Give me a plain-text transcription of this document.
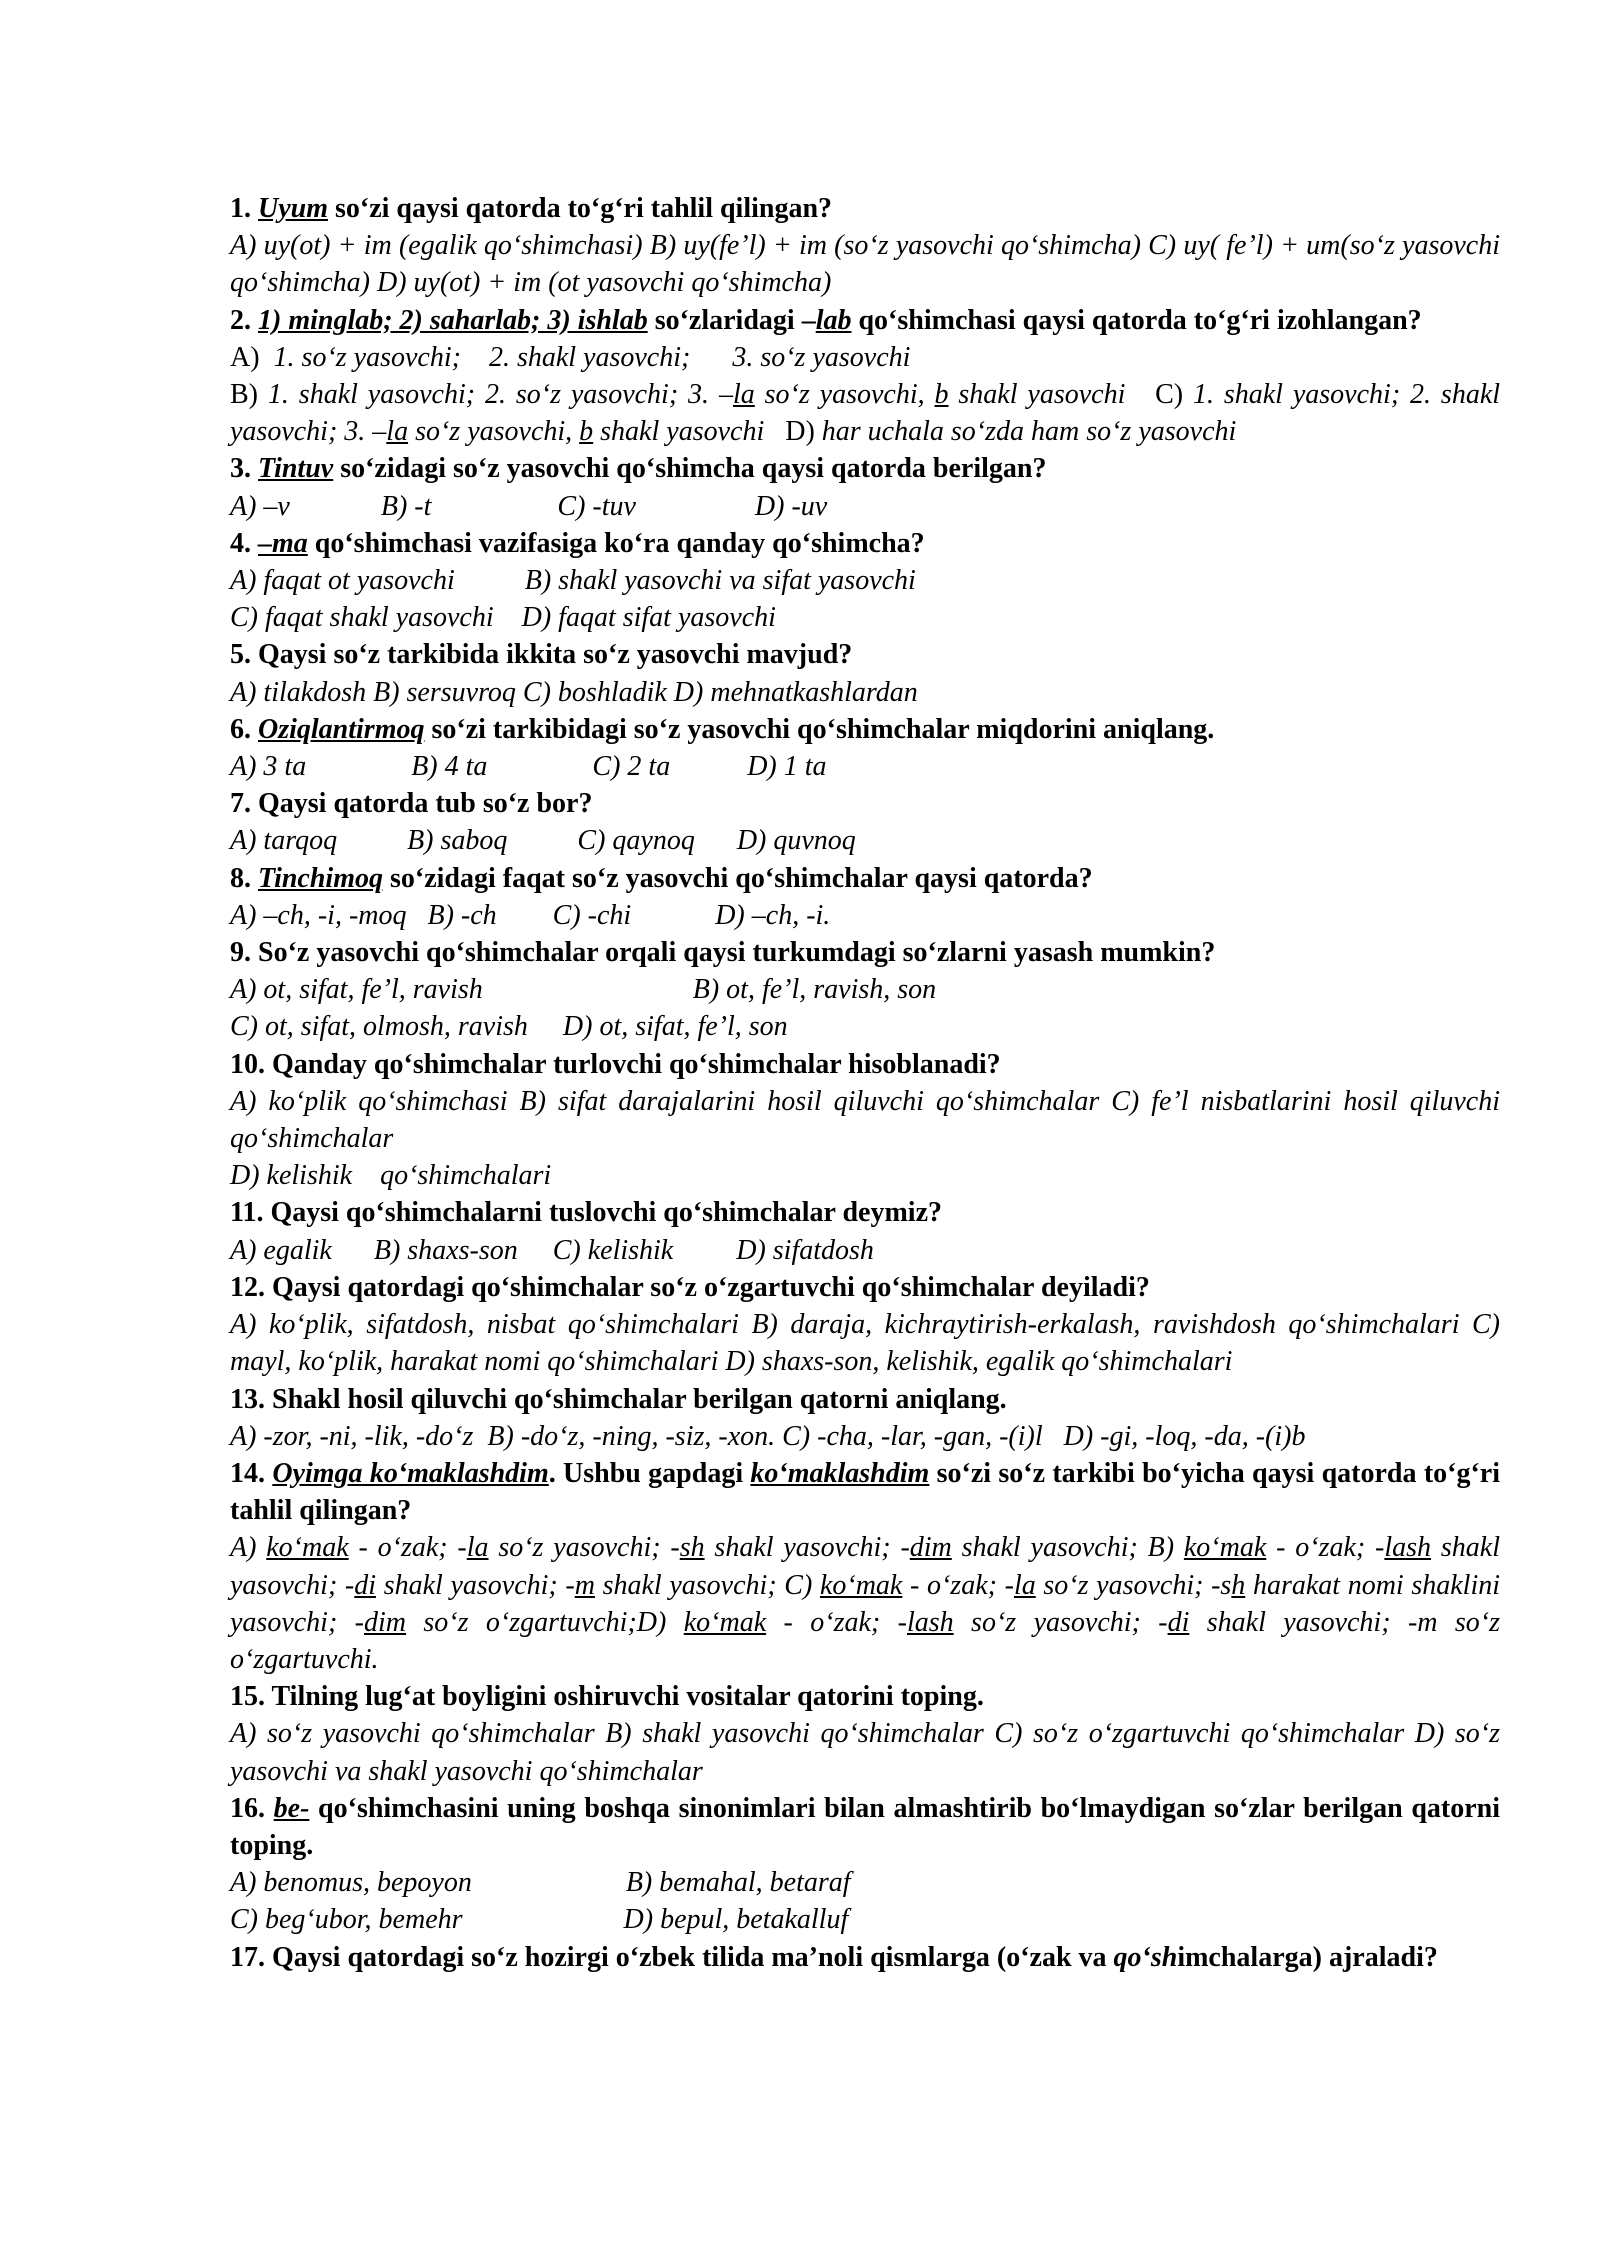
1. Uyum so‘zi qaysi qatorda to‘g‘ri tahlil qilingan?
A) uy(ot) + im (egalik qo‘shimchasi) B) uy(fe’l) + im (so‘z yasovchi qo‘shimcha) C) uy( fe’l) + um(so‘z yasovchi qo‘shimcha) D) uy(ot) + im (ot yasovchi qo‘shimcha)
2. 1) minglab; 2) saharlab; 3) ishlab so‘zlaridagi –lab qo‘shimchasi qaysi qatorda to‘g‘ri izohlangan?
A)  1. so‘z yasovchi;    2. shakl yasovchi;      3. so‘z yasovchi
B) 1. shakl yasovchi; 2. so‘z yasovchi; 3. –la so‘z yasovchi, b shakl yasovchi   C) 1. shakl yasovchi; 2. shakl yasovchi; 3. –la so‘z yasovchi, b shakl yasovchi   D) har uchala so‘zda ham so‘z yasovchi
3. Tintuv so‘zidagi so‘z yasovchi qo‘shimcha qaysi qatorda berilgan?
A) –v             B) -t                  C) -tuv                 D) -uv
4. –ma qo‘shimchasi vazifasiga ko‘ra qanday qo‘shimcha?
A) faqat ot yasovchi          B) shakl yasovchi va sifat yasovchi
C) faqat shakl yasovchi    D) faqat sifat yasovchi
5. Qaysi so‘z tarkibida ikkita so‘z yasovchi mavjud?
A) tilakdosh B) sersuvroq C) boshladik D) mehnatkashlardan
6. Oziqlantirmoq so‘zi tarkibidagi so‘z yasovchi qo‘shimchalar miqdorini aniqlang.
A) 3 ta               B) 4 ta               C) 2 ta           D) 1 ta
7. Qaysi qatorda tub so‘z bor?
A) tarqoq          B) saboq          C) qaynoq      D) quvnoq
8. Tinchimoq so‘zidagi faqat so‘z yasovchi qo‘shimchalar qaysi qatorda?
A) –ch, -i, -moq   B) -ch        C) -chi            D) –ch, -i.
9. So‘z yasovchi qo‘shimchalar orqali qaysi turkumdagi so‘zlarni yasash mumkin?
A) ot, sifat, fe’l, ravish                              B) ot, fe’l, ravish, son
C) ot, sifat, olmosh, ravish     D) ot, sifat, fe’l, son
10. Qanday qo‘shimchalar turlovchi qo‘shimchalar hisoblanadi?
A) ko‘plik qo‘shimchasi B) sifat darajalarini hosil qiluvchi qo‘shimchalar C) fe’l nisbatlarini hosil qiluvchi qo‘shimchalar
D) kelishik    qo‘shimchalari
11. Qaysi qo‘shimchalarni tuslovchi qo‘shimchalar deymiz?
A) egalik      B) shaxs-son     C) kelishik         D) sifatdosh
12. Qaysi qatordagi qo‘shimchalar so‘z o‘zgartuvchi qo‘shimchalar deyiladi?
A) ko‘plik, sifatdosh, nisbat qo‘shimchalari B) daraja, kichraytirish-erkalash, ravishdosh qo‘shimchalari C) mayl, ko‘plik, harakat nomi qo‘shimchalari D) shaxs-son, kelishik, egalik qo‘shimchalari
13. Shakl hosil qiluvchi qo‘shimchalar berilgan qatorni aniqlang.
A) -zor, -ni, -lik, -do‘z  B) -do‘z, -ning, -siz, -xon. C) -cha, -lar, -gan, -(i)l   D) -gi, -loq, -da, -(i)b
14. Oyimga ko‘maklashdim. Ushbu gapdagi ko‘maklashdim so‘zi so‘z tarkibi bo‘yicha qaysi qatorda to‘g‘ri tahlil qilingan?
A) ko‘mak - o‘zak; -la so‘z yasovchi; -sh shakl yasovchi; -dim shakl yasovchi; B) ko‘mak - o‘zak; -lash shakl yasovchi; -di shakl yasovchi; -m shakl yasovchi; C) ko‘mak - o‘zak; -la so‘z yasovchi; -sh harakat nomi shaklini yasovchi; -dim so‘z o‘zgartuvchi;D) ko‘mak - o‘zak; -lash so‘z yasovchi; -di shakl yasovchi; -m so‘z o‘zgartuvchi.
15. Tilning lug‘at boyligini oshiruvchi vositalar qatorini toping.
A) so‘z yasovchi qo‘shimchalar B) shakl yasovchi qo‘shimchalar C) so‘z o‘zgartuvchi qo‘shimchalar D) so‘z yasovchi va shakl yasovchi qo‘shimchalar
16. be- qo‘shimchasini uning boshqa sinonimlari bilan almashtirib bo‘lmaydigan so‘zlar berilgan qatorni toping.
A) benomus, bepoyon                      B) bemahal, betaraf
C) beg‘ubor, bemehr                       D) bepul, betakalluf
17. Qaysi qatordagi so‘z hozirgi o‘zbek tilida ma’noli qismlarga (o‘zak va qo‘shimchalarga) ajraladi?
